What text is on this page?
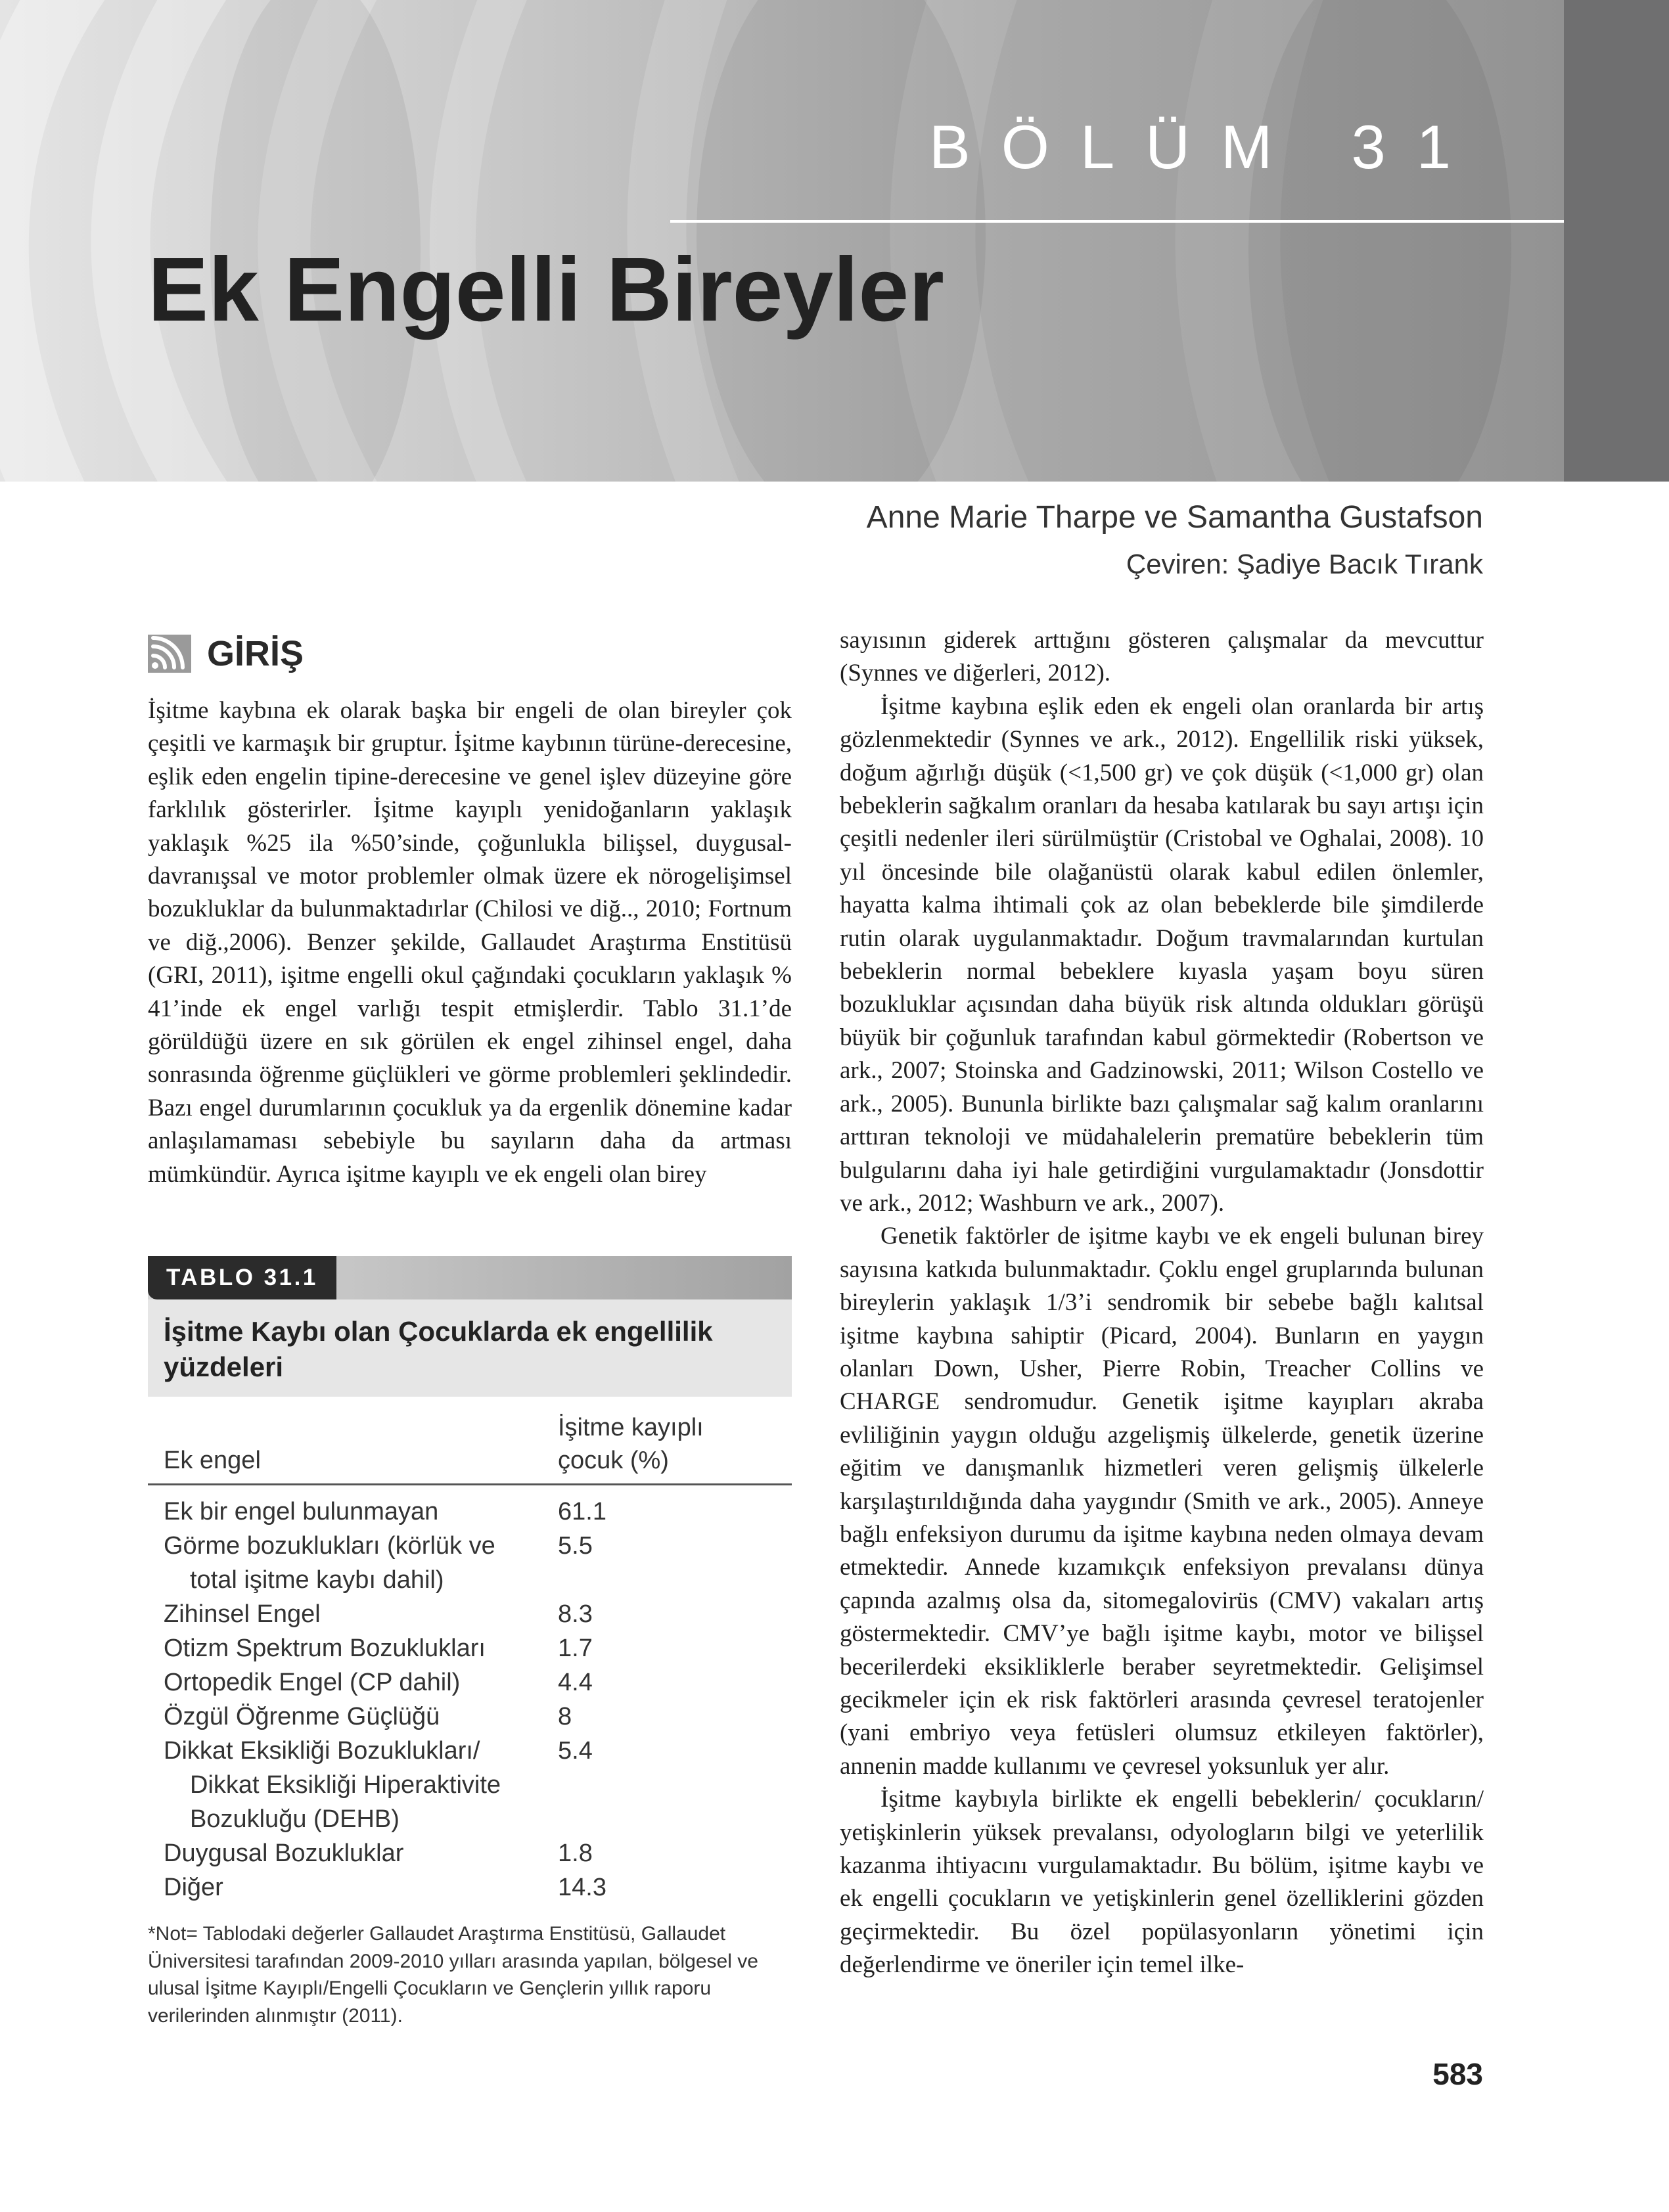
BÖLÜM 31
Ek Engelli Bireyler

Anne Marie Tharpe ve Samantha Gustafson

Çeviren: Şadiye Bacık Tırank

GİRİŞ

İşitme kaybına ek olarak başka bir engeli de olan bireyler çok çeşitli ve karmaşık bir gruptur. İşitme kaybının türüne-derecesine, eşlik eden engelin tipine-derecesine ve genel işlev düzeyine göre farklılık gösterirler. İşitme kayıplı yenidoğanların yaklaşık yaklaşık %25 ila %50’sinde, çoğunlukla bilişsel, duygusal-davranışsal ve motor problemler olmak üzere ek nörogelişimsel bozukluklar da bulunmaktadırlar (Chilosi ve diğ.., 2010; Fortnum ve diğ.,2006). Benzer şekilde, Gallaudet Araştırma Enstitüsü (GRI, 2011), işitme engelli okul çağındaki çocukların yaklaşık % 41’inde ek engel varlığı tespit etmişlerdir. Tablo 31.1’de görüldüğü üzere en sık görülen ek engel zihinsel engel, daha sonrasında öğrenme güçlükleri ve görme problemleri şeklindedir. Bazı engel durumlarının çocukluk ya da ergenlik dönemine kadar anlaşılamaması sebebiyle bu sayıların daha da artması mümkündür. Ayrıca işitme kayıplı ve ek engeli olan birey

TABLO 31.1
İşitme Kaybı olan Çocuklarda ek engellilik yüzdeleri
Ek engel	İşitme kayıplı
çocuk (%)

Ek bir engel bulunmayan	61.1

Görme bozuklukları (körlük ve
total işitme kaybı dahil)	5.5
Zihinsel Engel	8.3
Otizm Spektrum Bozuklukları	1.7
Ortopedik Engel (CP dahil)	4.4
Özgül Öğrenme Güçlüğü	8

Dikkat Eksikliği Bozuklukları/
Dikkat Eksikliği Hiperaktivite
Bozukluğu (DEHB)	5.4
Duygusal Bozukluklar	1.8
Diğer	14.3
*Not= Tablodaki değerler Gallaudet Araştırma Enstitüsü, Gallaudet Üniversitesi tarafından 2009-2010 yılları arasında yapılan, bölgesel ve ulusal İşitme Kayıplı/Engelli Çocukların ve Gençlerin yıllık raporu verilerinden alınmıştır (2011).

sayısının giderek arttığını gösteren çalışmalar da mevcuttur (Synnes ve diğerleri, 2012).

İşitme kaybına eşlik eden ek engeli olan oranlarda bir artış gözlenmektedir (Synnes ve ark., 2012). Engellilik riski yüksek, doğum ağırlığı düşük (<1,500 gr) ve çok düşük (<1,000 gr) olan bebeklerin sağkalım oranları da hesaba katılarak bu sayı artışı için çeşitli nedenler ileri sürülmüştür (Cristobal ve Oghalai, 2008). 10 yıl öncesinde bile olağanüstü olarak kabul edilen önlemler, hayatta kalma ihtimali çok az olan bebeklerde bile şimdilerde rutin olarak uygulanmaktadır. Doğum travmalarından kurtulan bebeklerin normal bebeklere kıyasla yaşam boyu süren bozukluklar açısından daha büyük risk altında oldukları görüşü büyük bir çoğunluk tarafından kabul görmektedir (Robertson ve ark., 2007; Stoinska and Gadzinowski, 2011; Wilson Costello ve ark., 2005). Bununla birlikte bazı çalışmalar sağ kalım oranlarını arttıran teknoloji ve müdahalelerin prematüre bebeklerin tüm bulgularını daha iyi hale getirdiğini vurgulamaktadır (Jonsdottir ve ark., 2012; Washburn ve ark., 2007).

Genetik faktörler de işitme kaybı ve ek engeli bulunan birey sayısına katkıda bulunmaktadır. Çoklu engel gruplarında bulunan bireylerin yaklaşık 1/3’i sendromik bir sebebe bağlı kalıtsal işitme kaybına sahiptir (Picard, 2004). Bunların en yaygın olanları Down, Usher, Pierre Robin, Treacher Collins ve CHARGE sendromudur. Genetik işitme kayıpları akraba evliliğinin yaygın olduğu azgelişmiş ülkelerde, genetik üzerine eğitim ve danışmanlık hizmetleri veren gelişmiş ülkelerle karşılaştırıldığında daha yaygındır (Smith ve ark., 2005). Anneye bağlı enfeksiyon durumu da işitme kaybına neden olmaya devam etmektedir. Annede kızamıkçık enfeksiyon prevalansı dünya çapında azalmış olsa da, sitomegalovirüs (CMV) vakaları artış göstermektedir. CMV’ye bağlı işitme kaybı, motor ve bilişsel becerilerdeki eksikliklerle beraber seyretmektedir. Gelişimsel gecikmeler için ek risk faktörleri arasında çevresel teratojenler (yani embriyo veya fetüsleri olumsuz etkileyen faktörler), annenin madde kullanımı ve çevresel yoksunluk yer alır.

İşitme kaybıyla birlikte ek engelli bebeklerin/ çocukların/ yetişkinlerin yüksek prevalansı, odyologların bilgi ve yeterlilik kazanma ihtiyacını vurgulamaktadır. Bu bölüm, işitme kaybı ve ek engelli çocukların ve yetişkinlerin genel özelliklerini gözden geçirmektedir. Bu özel popülasyonların yönetimi için değerlendirme ve öneriler için temel ilke-

583
